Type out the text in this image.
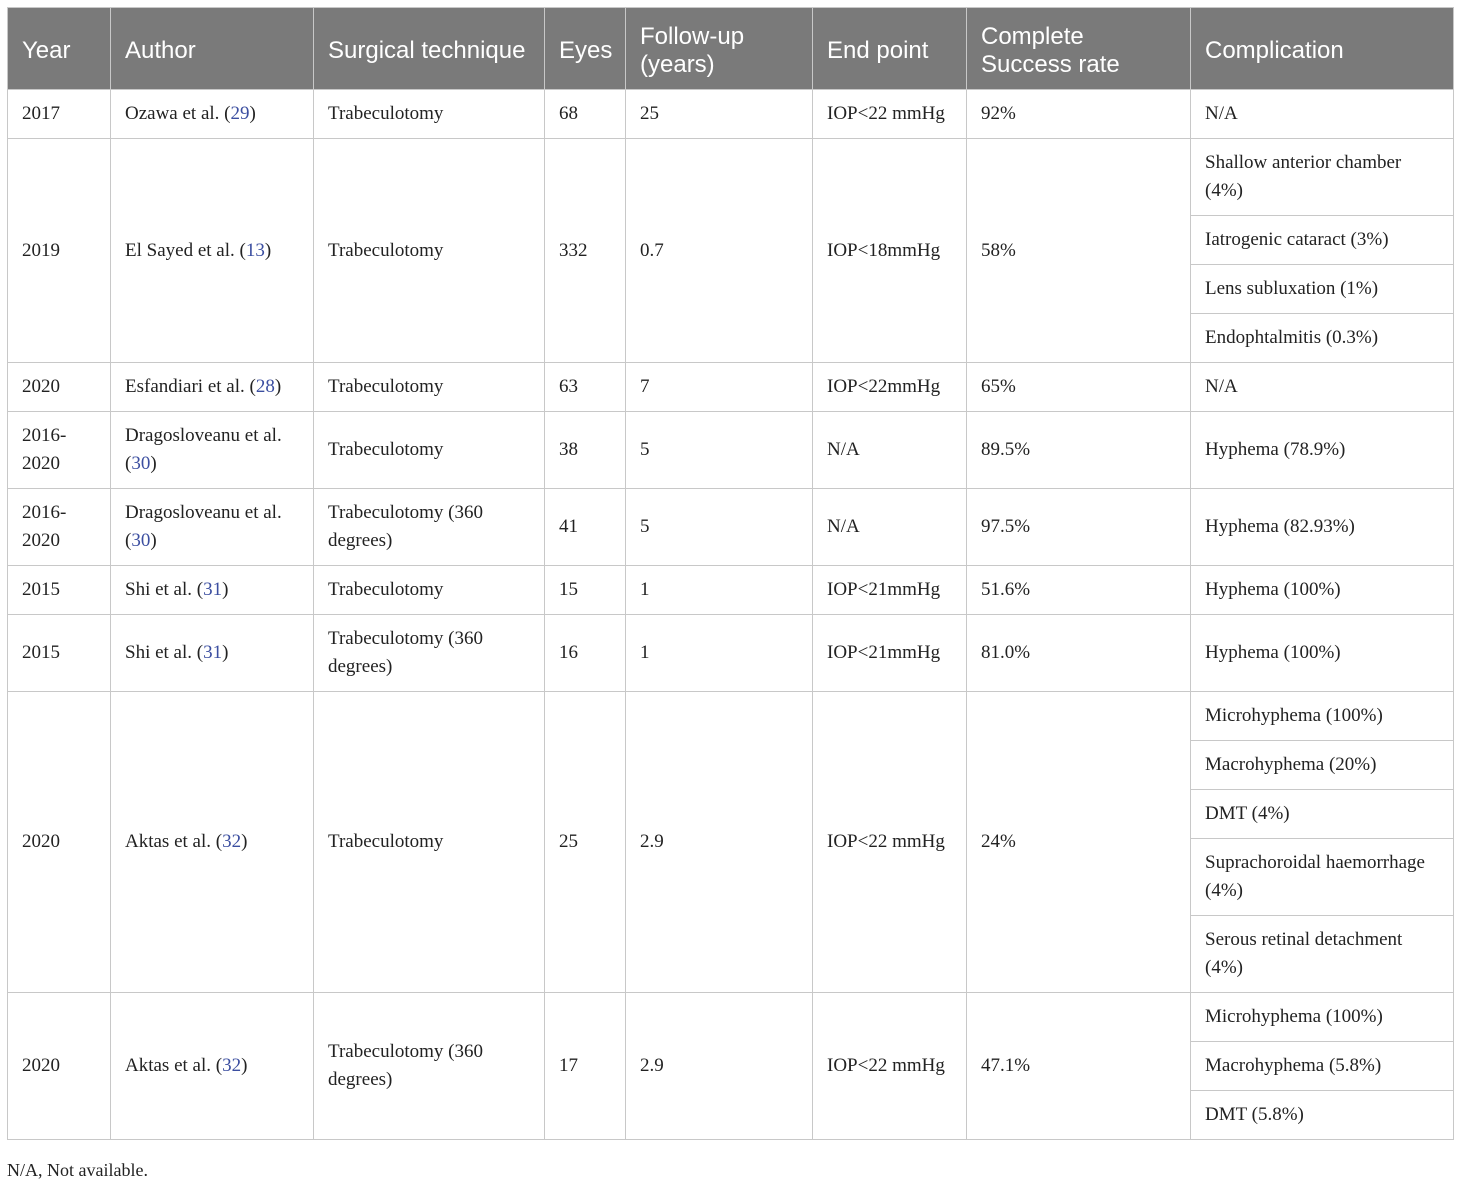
Year	Author	Surgical technique	Eyes	Follow-up (years)	End point	Complete Success rate	Complication
2017	Ozawa et al. (29)	Trabeculotomy	68	25	IOP<22 mmHg	92%	N/A
2019	El Sayed et al. (13)	Trabeculotomy	332	0.7	IOP<18mmHg	58%	Shallow anterior chamber (4%)
							Iatrogenic cataract (3%)
							Lens subluxation (1%)
							Endophtalmitis (0.3%)
2020	Esfandiari et al. (28)	Trabeculotomy	63	7	IOP<22mmHg	65%	N/A
2016-2020	Dragosloveanu et al. (30)	Trabeculotomy	38	5	N/A	89.5%	Hyphema (78.9%)
2016-2020	Dragosloveanu et al. (30)	Trabeculotomy (360 degrees)	41	5	N/A	97.5%	Hyphema (82.93%)
2015	Shi et al. (31)	Trabeculotomy	15	1	IOP<21mmHg	51.6%	Hyphema (100%)
2015	Shi et al. (31)	Trabeculotomy (360 degrees)	16	1	IOP<21mmHg	81.0%	Hyphema (100%)
2020	Aktas et al. (32)	Trabeculotomy	25	2.9	IOP<22 mmHg	24%	Microhyphema (100%)
							Macrohyphema (20%)
							DMT (4%)
							Suprachoroidal haemorrhage (4%)
							Serous retinal detachment (4%)
2020	Aktas et al. (32)	Trabeculotomy (360 degrees)	17	2.9	IOP<22 mmHg	47.1%	Microhyphema (100%)
							Macrohyphema (5.8%)
							DMT (5.8%)
N/A, Not available.
